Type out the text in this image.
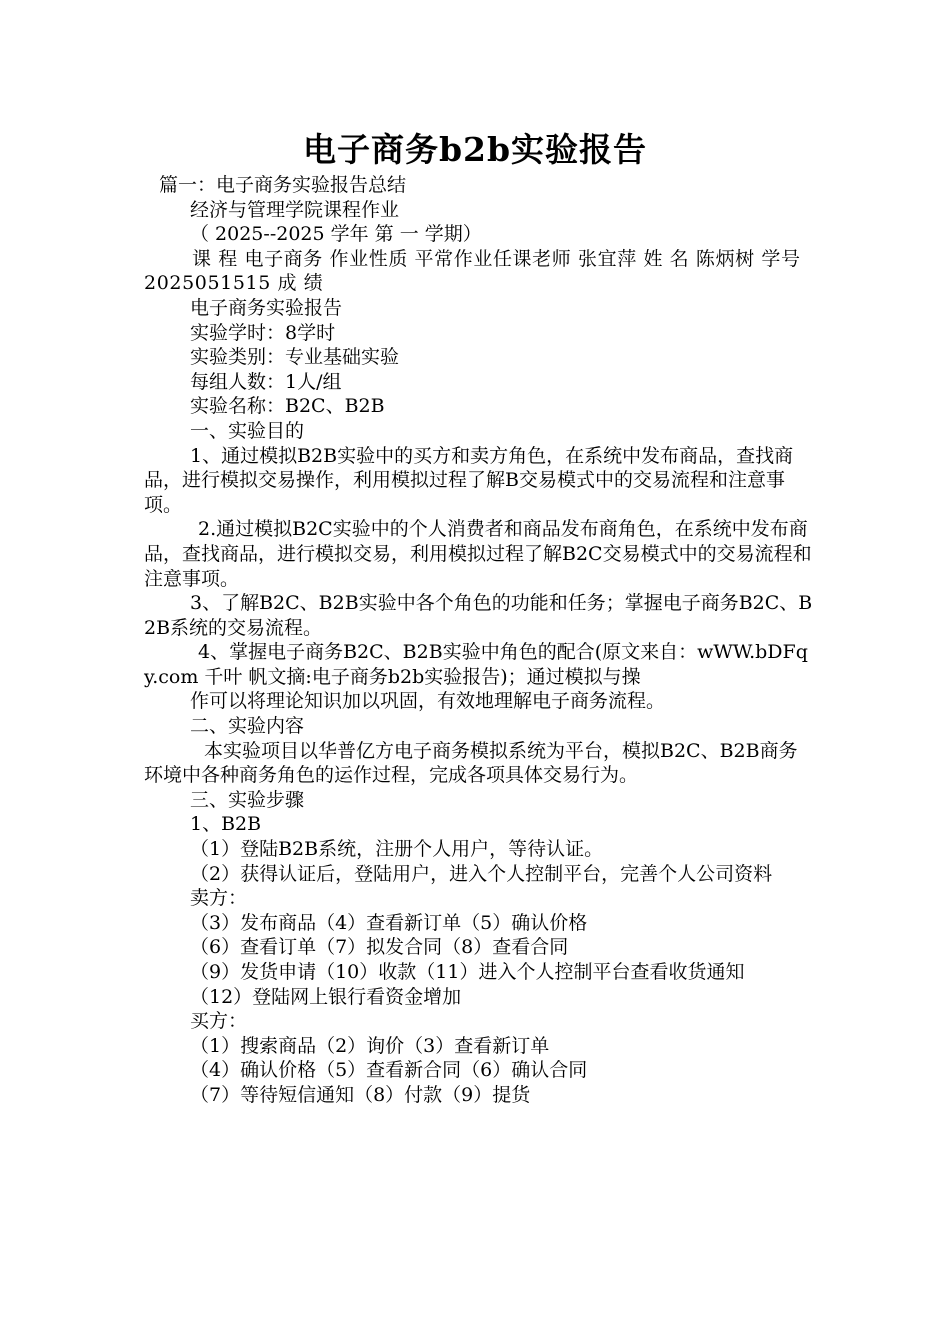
电子商务b2b实验报告

篇一：电子商务实验报告总结

经济与管理学院课程作业

（ 2025--2025 学年 第 一 学期）

课 程 电子商务 作业性质 平常作业任课老师 张宜萍 姓 名 陈炳树 学号 2025051515 成 绩

电子商务实验报告

实验学时：8学时

实验类别：专业基础实验

每组人数：1人/组

实验名称：B2C、B2B

一、实验目的

1、通过模拟B2B实验中的买方和卖方角色，在系统中发布商品，查找商品，进行模拟交易操作，利用模拟过程了解B交易模式中的交易流程和注意事项。

2.通过模拟B2C实验中的个人消费者和商品发布商角色，在系统中发布商品，查找商品，进行模拟交易，利用模拟过程了解B2C交易模式中的交易流程和注意事项。

3、了解B2C、B2B实验中各个角色的功能和任务；掌握电子商务B2C、B2B系统的交易流程。

4、掌握电子商务B2C、B2B实验中角色的配合(原文来自：wWW.bDFqy.com 千叶 帆文摘:电子商务b2b实验报告)；通过模拟与操

作可以将理论知识加以巩固，有效地理解电子商务流程。

二、实验内容

本实验项目以华普亿方电子商务模拟系统为平台，模拟B2C、B2B商务环境中各种商务角色的运作过程，完成各项具体交易行为。

三、实验步骤

1、B2B

（1）登陆B2B系统，注册个人用户，等待认证。

（2）获得认证后，登陆用户，进入个人控制平台，完善个人公司资料

卖方：

（3）发布商品（4）查看新订单（5）确认价格

（6）查看订单（7）拟发合同（8）查看合同

（9）发货申请（10）收款（11）进入个人控制平台查看收货通知

（12）登陆网上银行看资金增加

买方：

（1）搜索商品（2）询价（3）查看新订单

（4）确认价格（5）查看新合同（6）确认合同

（7）等待短信通知（8）付款（9）提货
